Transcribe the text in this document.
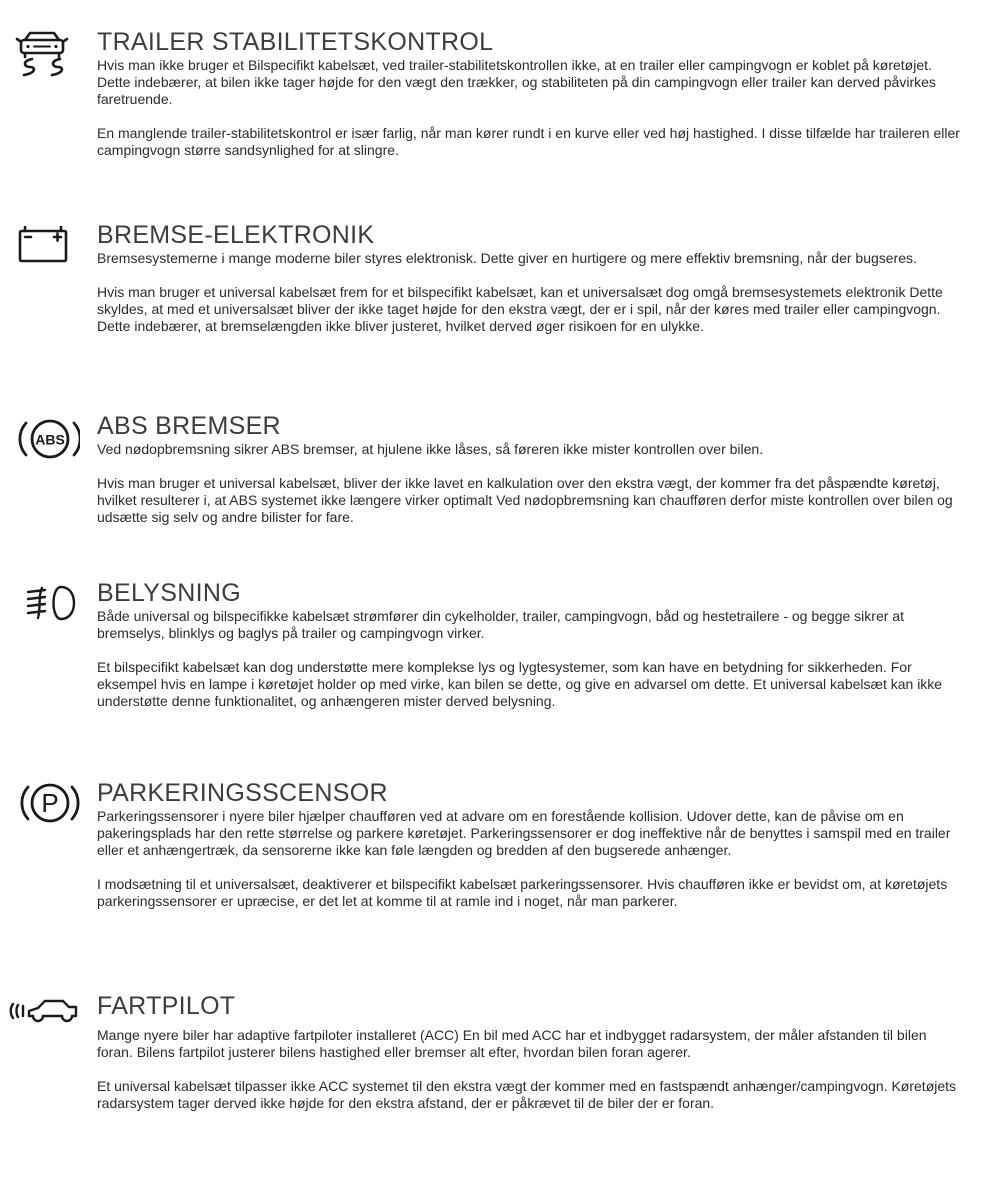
TRAILER STABILITETSKONTROL

Hvis man ikke bruger et Bilspecifikt kabelsæt, ved trailer-stabilitetskontrollen ikke, at en trailer eller campingvogn er koblet på køretøjet. Dette indebærer, at bilen ikke tager højde for den vægt den trækker, og stabiliteten på din campingvogn eller trailer kan derved påvirkes faretruende.

En manglende trailer-stabilitetskontrol er især farlig, når man kører rundt i en kurve eller ved høj hastighed. I disse tilfælde har traileren eller campingvogn større sandsynlighed for at slingre.

BREMSE-ELEKTRONIK

Bremsesystemerne i mange moderne biler styres elektronisk. Dette giver en hurtigere og mere effektiv bremsning, når der bugseres.

Hvis man bruger et universal kabelsæt frem for et bilspecifikt kabelsæt, kan et universalsæt dog omgå bremsesystemets elektronik Dette skyldes, at med et universalsæt bliver der ikke taget højde for den ekstra vægt, der er i spil, når der køres med trailer eller campingvogn. Dette indebærer, at bremselængden ikke bliver justeret, hvilket derved øger risikoen for en ulykke.

ABS ABS BREMSER

Ved nødopbremsning sikrer ABS bremser, at hjulene ikke låses, så føreren ikke mister kontrollen over bilen.

Hvis man bruger et universal kabelsæt, bliver der ikke lavet en kalkulation over den ekstra vægt, der kommer fra det påspændte køretøj, hvilket resulterer i, at ABS systemet ikke længere virker optimalt Ved nødopbremsning kan chaufføren derfor miste kontrollen over bilen og udsætte sig selv og andre bilister for fare.

BELYSNING

Både universal og bilspecifikke kabelsæt strømfører din cykelholder, trailer, campingvogn, båd og hestetrailere - og begge sikrer at bremselys, blinklys og baglys på trailer og campingvogn virker.

Et bilspecifikt kabelsæt kan dog understøtte mere komplekse lys og lygtesystemer, som kan have en betydning for sikkerheden. For eksempel hvis en lampe i køretøjet holder op med virke, kan bilen se dette, og give en advarsel om dette. Et universal kabelsæt kan ikke understøtte denne funktionalitet, og anhængeren mister derved belysning.

P PARKERINGSSCENSOR

Parkeringssensorer i nyere biler hjælper chaufføren ved at advare om en forestående kollision. Udover dette, kan de påvise om en pakeringsplads har den rette størrelse og parkere køretøjet. Parkeringssensorer er dog ineffektive når de benyttes i samspil med en trailer eller et anhængertræk, da sensorerne ikke kan føle længden og bredden af den bugserede anhænger.

I modsætning til et universalsæt, deaktiverer et bilspecifikt kabelsæt parkeringssensorer. Hvis chaufføren ikke er bevidst om, at køretøjets parkeringssensorer er upræcise, er det let at komme til at ramle ind i noget, når man parkerer.

FARTPILOT

Mange nyere biler har adaptive fartpiloter installeret (ACC) En bil med ACC har et indbygget radarsystem, der måler afstanden til bilen foran. Bilens fartpilot justerer bilens hastighed eller bremser alt efter, hvordan bilen foran agerer.

Et universal kabelsæt tilpasser ikke ACC systemet til den ekstra vægt der kommer med en fastspændt anhænger/campingvogn. Køretøjets radarsystem tager derved ikke højde for den ekstra afstand, der er påkrævet til de biler der er foran.
